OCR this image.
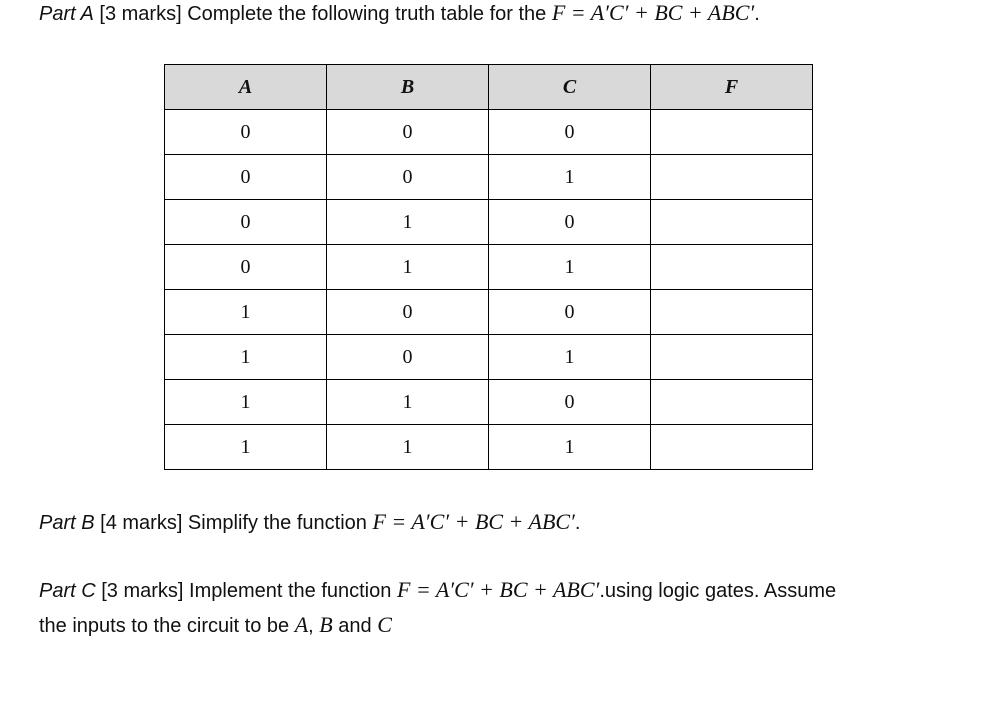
Part A [3 marks] Complete the following truth table for the F = A′C′ + BC + ABC′.
A	B	C	F
0	0	0	
0	0	1	
0	1	0	
0	1	1	
1	0	0	
1	0	1	
1	1	0	
1	1	1	
Part B [4 marks] Simplify the function F = A′C′ + BC + ABC′.
Part C [3 marks] Implement the function F = A′C′ + BC + ABC′.using logic gates. Assume
the inputs to the circuit to be A, B and C
